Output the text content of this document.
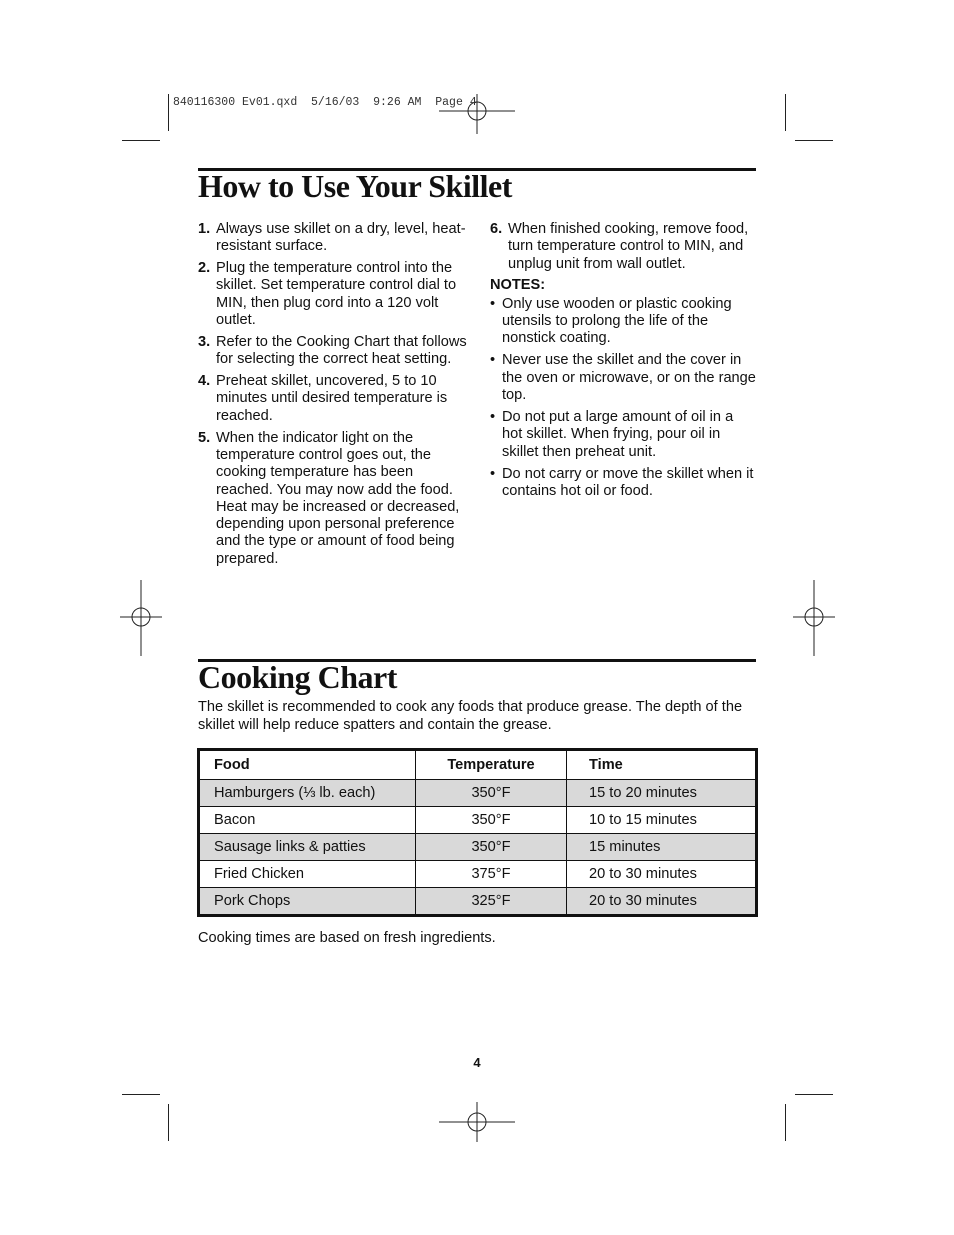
840116300 Ev01.qxd  5/16/03  9:26 AM  Page 4
How to Use Your Skillet
1. Always use skillet on a dry, level, heat-resistant surface.
2. Plug the temperature control into the skillet. Set temperature control dial to MIN, then plug cord into a 120 volt outlet.
3. Refer to the Cooking Chart that follows for selecting the correct heat setting.
4. Preheat skillet, uncovered, 5 to 10 minutes until desired temperature is reached.
5. When the indicator light on the temperature control goes out, the cooking temperature has been reached. You may now add the food. Heat may be increased or decreased, depending upon personal preference and the type or amount of food being prepared.
6. When finished cooking, remove food, turn temperature control to MIN, and unplug unit from wall outlet.
NOTES:
• Only use wooden or plastic cooking utensils to prolong the life of the nonstick coating.
• Never use the skillet and the cover in the oven or microwave, or on the range top.
• Do not put a large amount of oil in a hot skillet. When frying, pour oil in skillet then preheat unit.
• Do not carry or move the skillet when it contains hot oil or food.
Cooking Chart
The skillet is recommended to cook any foods that produce grease. The depth of the skillet will help reduce spatters and contain the grease.
Food	Temperature	Time
Hamburgers (⅓ lb. each)	350°F	15 to 20 minutes
Bacon	350°F	10 to 15 minutes
Sausage links & patties	350°F	15 minutes
Fried Chicken	375°F	20 to 30 minutes
Pork Chops	325°F	20 to 30 minutes
Cooking times are based on fresh ingredients.
4
